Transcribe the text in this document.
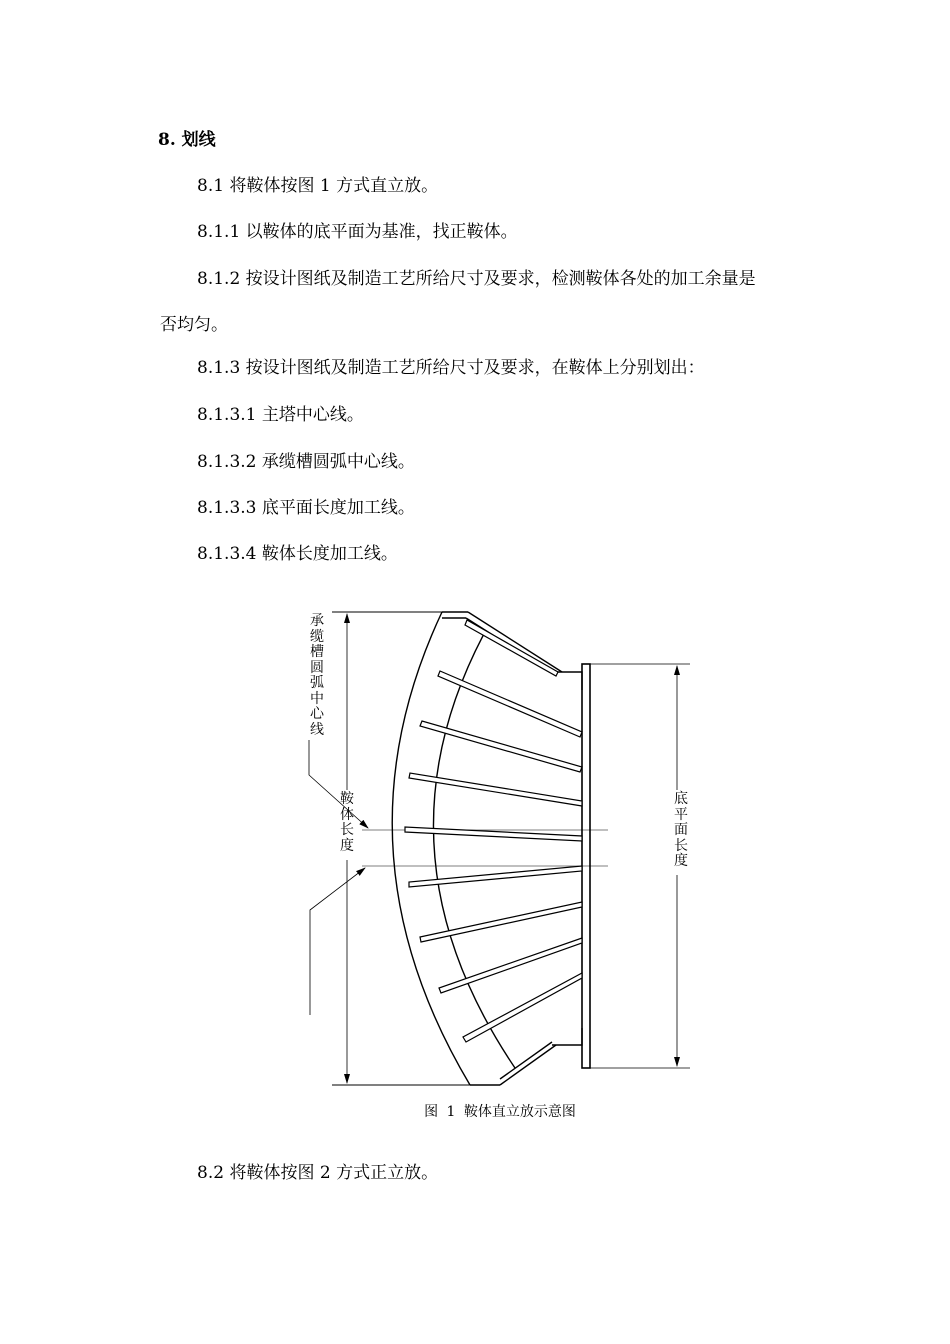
8. 划线
8.1 将鞍体按图 1 方式直立放。
8.1.1 以鞍体的底平面为基准，找正鞍体。
8.1.2 按设计图纸及制造工艺所给尺寸及要求，检测鞍体各处的加工余量是
否均匀。
8.1.3 按设计图纸及制造工艺所给尺寸及要求，在鞍体上分别划出：
8.1.3.1 主塔中心线。
8.1.3.2 承缆槽圆弧中心线。
8.1.3.3 底平面长度加工线。
8.1.3.4 鞍体长度加工线。
承缆槽圆弧中心线
鞍体长度
底平面长度
图 1 鞍体直立放示意图
8.2 将鞍体按图 2 方式正立放。
